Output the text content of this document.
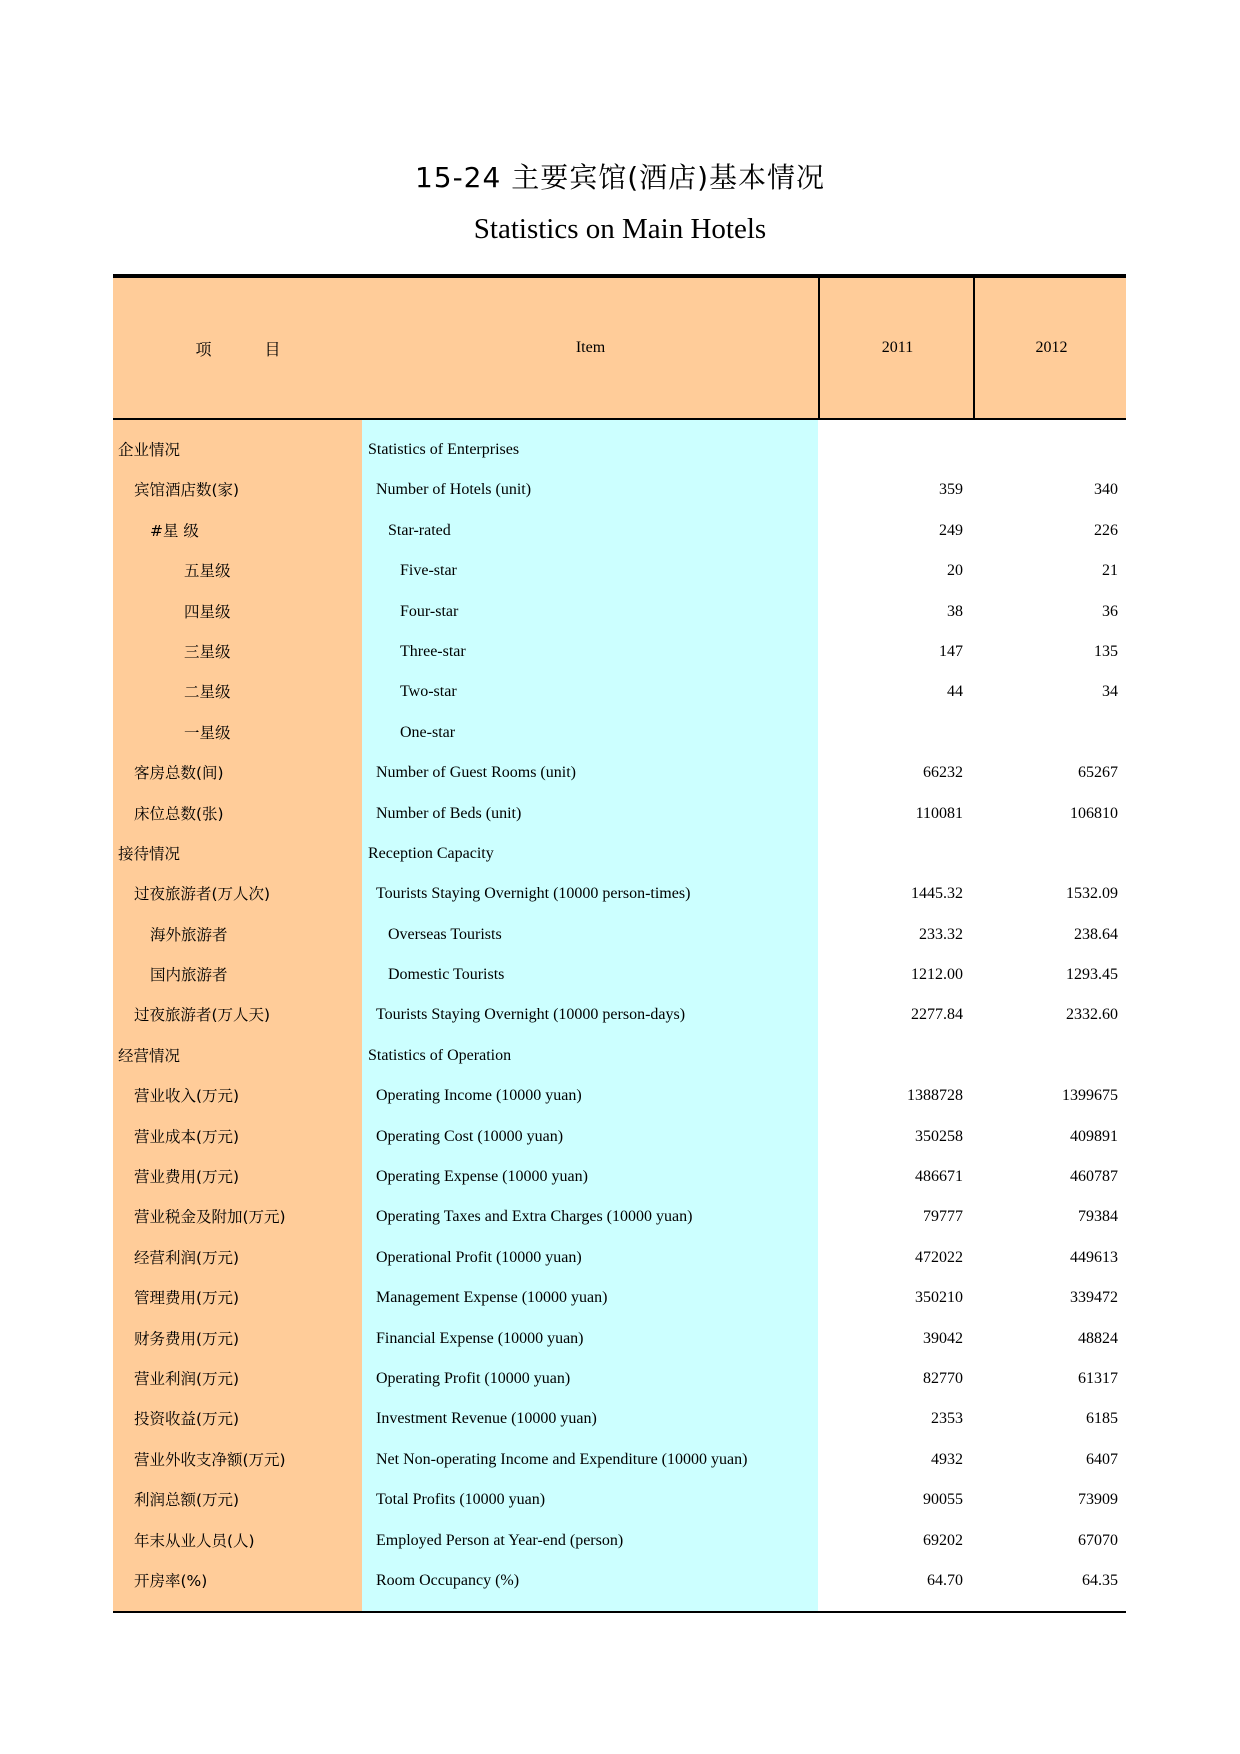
15-24 主要宾馆(酒店)基本情况
Statistics on Main Hotels
项 目	Item	2011	2012
企业情况	Statistics of Enterprises
宾馆酒店数(家)	Number of Hotels (unit)	359	340
#星 级	Star-rated	249	226
五星级	Five-star	20	21
四星级	Four-star	38	36
三星级	Three-star	147	135
二星级	Two-star	44	34
一星级	One-star
客房总数(间)	Number of Guest Rooms (unit)	66232	65267
床位总数(张)	Number of Beds (unit)	110081	106810
接待情况	Reception Capacity
过夜旅游者(万人次)	Tourists Staying Overnight (10000 person-times)	1445.32	1532.09
海外旅游者	Overseas Tourists	233.32	238.64
国内旅游者	Domestic Tourists	1212.00	1293.45
过夜旅游者(万人天)	Tourists Staying Overnight (10000 person-days)	2277.84	2332.60
经营情况	Statistics of Operation
营业收入(万元)	Operating Income (10000 yuan)	1388728	1399675
营业成本(万元)	Operating Cost (10000 yuan)	350258	409891
营业费用(万元)	Operating Expense (10000 yuan)	486671	460787
营业税金及附加(万元)	Operating Taxes and Extra Charges (10000 yuan)	79777	79384
经营利润(万元)	Operational Profit (10000 yuan)	472022	449613
管理费用(万元)	Management Expense (10000 yuan)	350210	339472
财务费用(万元)	Financial Expense (10000 yuan)	39042	48824
营业利润(万元)	Operating Profit (10000 yuan)	82770	61317
投资收益(万元)	Investment Revenue (10000 yuan)	2353	6185
营业外收支净额(万元)	Net Non-operating Income and Expenditure (10000 yuan)	4932	6407
利润总额(万元)	Total Profits (10000 yuan)	90055	73909
年末从业人员(人)	Employed Person at Year-end (person)	69202	67070
开房率(%)	Room Occupancy (%)	64.70	64.35
